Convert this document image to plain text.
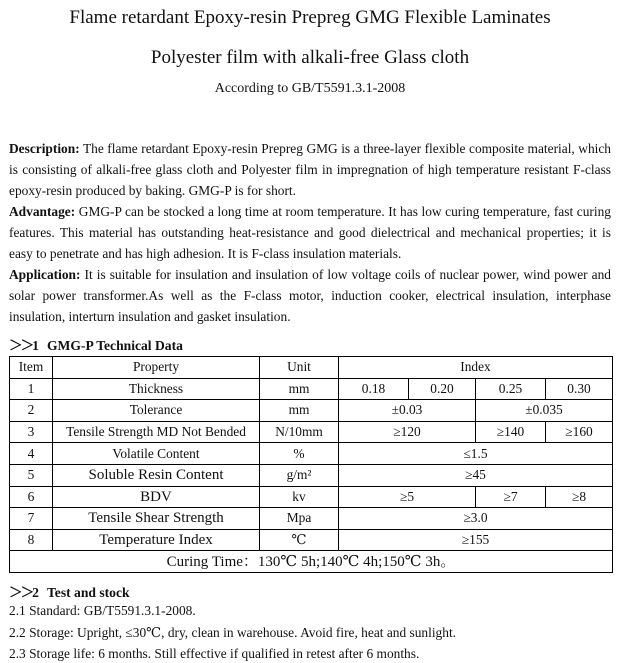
Flame retardant Epoxy-resin Prepreg GMG Flexible Laminates
Polyester film with alkali-free Glass cloth
According to GB/T5591.3.1-2008
Description: The flame retardant Epoxy-resin Prepreg GMG is a three-layer flexible composite material, which is consisting of alkali-free glass cloth and Polyester film in impregnation of high temperature resistant F-class epoxy-resin produced by baking. GMG-P is for short.
Advantage: GMG-P can be stocked a long time at room temperature. It has low curing temperature, fast curing features. This material has outstanding heat-resistance and good dielectrical and mechanical properties; it is easy to penetrate and has high adhesion. It is F-class insulation materials.
Application: It is suitable for insulation and insulation of low voltage coils of nuclear power, wind power and solar power transformer.As well as the F-class motor, induction cooker, electrical insulation, interphase insulation, interturn insulation and gasket insulation.
＞＞1 GMG-P Technical Data
Item	Property	Unit	Index			
1	Thickness	mm	0.18	0.20	0.25	0.30
2	Tolerance	mm	±0.03		±0.035	
3	Tensile Strength MD Not Bended	N/10mm	≥120		≥140	≥160
4	Volatile Content	%	≤1.5			
5	Soluble Resin Content	g/m²	≥45			
6	BDV	kv	≥5		≥7	≥8
7	Tensile Shear Strength	Mpa	≥3.0			
8	Temperature Index	℃	≥155			
Curing Time：130℃ 5h;140℃ 4h;150℃ 3h。						
＞＞2 Test and stock
2.1 Standard: GB/T5591.3.1-2008.
2.2 Storage: Upright, ≤30℃, dry, clean in warehouse. Avoid fire, heat and sunlight.
2.3 Storage life: 6 months. Still effective if qualified in retest after 6 months.
